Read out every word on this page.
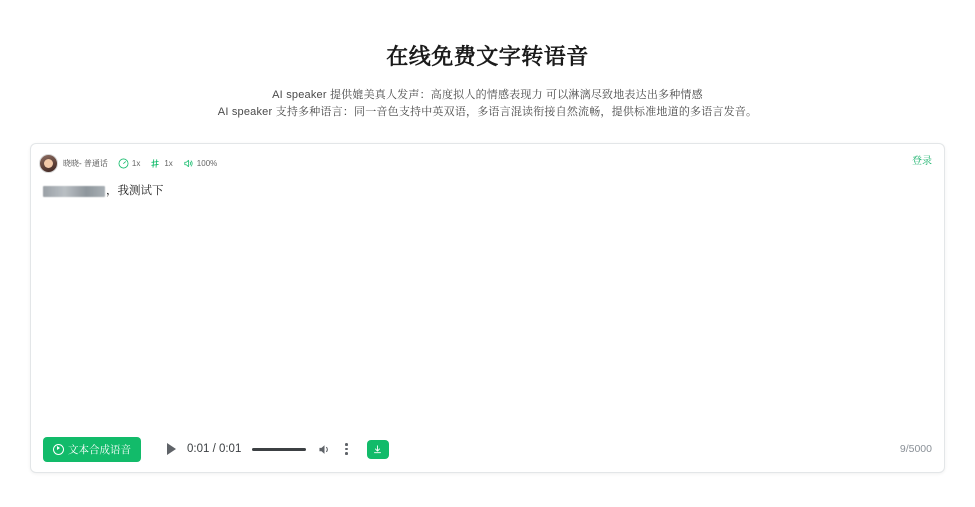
在线免费文字转语音
AI speaker 提供媲美真人发声：高度拟人的情感表现力 可以淋漓尽致地表达出多种情感
AI speaker 支持多种语言：同一音色支持中英双语，多语言混读衔接自然流畅，提供标准地道的多语言发音。
晓晓- 普通话	1x	1x	100%	登录
，我测试下
文本合成语音	0:01 / 0:01	9/5000
